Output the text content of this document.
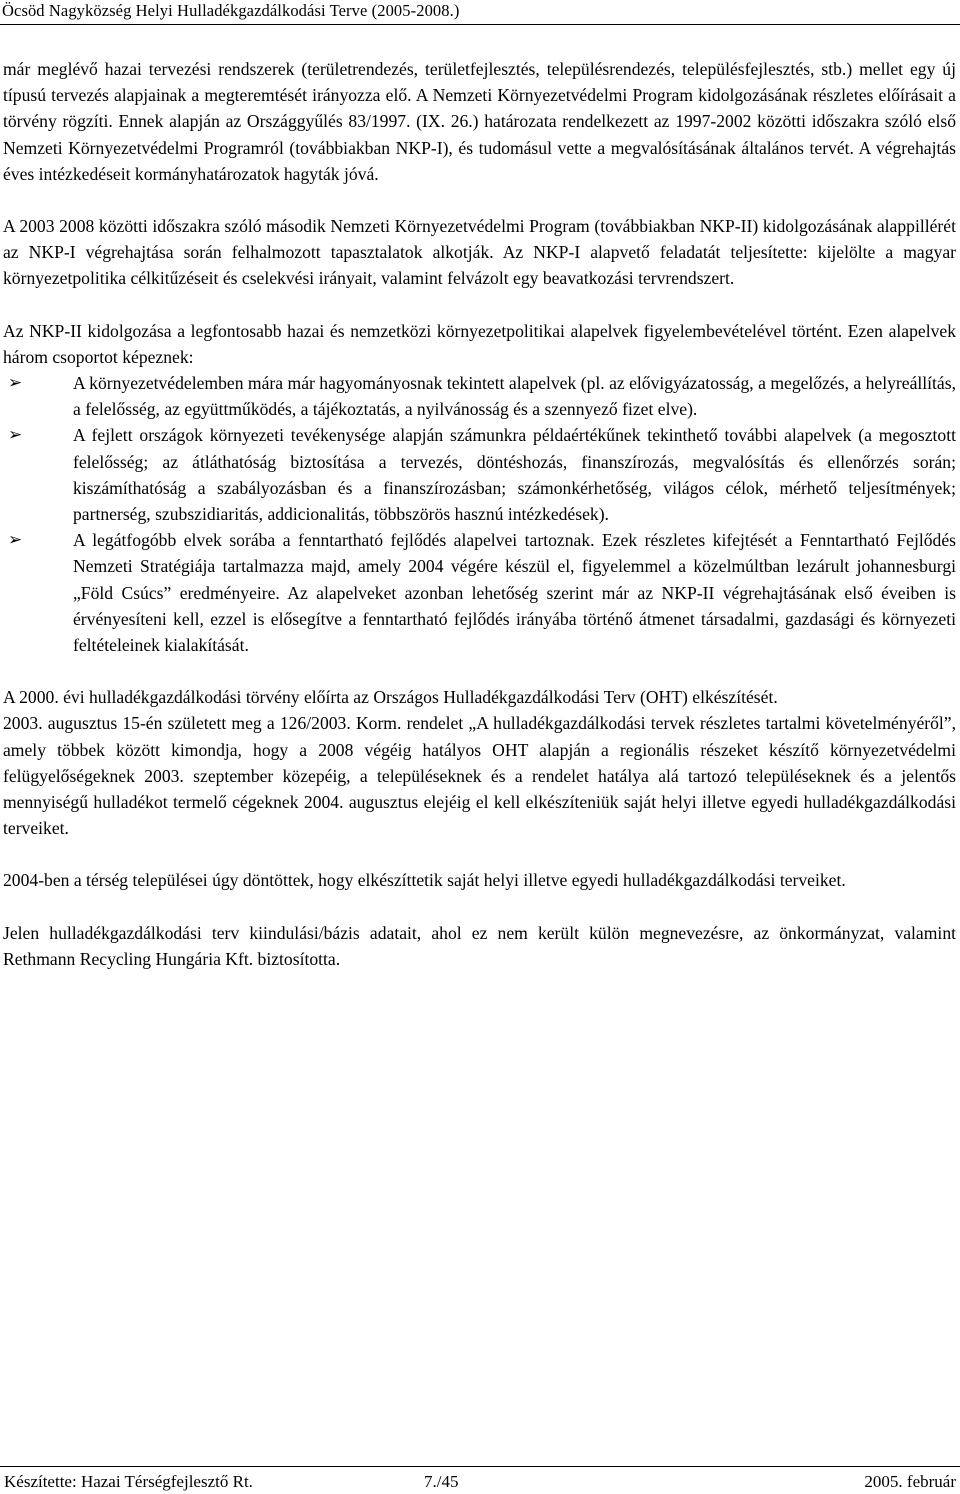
Öcsöd Nagyközség Helyi Hulladékgazdálkodási Terve (2005-2008.)

már meglévő hazai tervezési rendszerek (területrendezés, területfejlesztés, településrendezés, településfejlesztés, stb.) mellet egy új típusú tervezés alapjainak a megteremtését irányozza elő. A Nemzeti Környezetvédelmi Program kidolgozásának részletes előírásait a törvény rögzíti. Ennek alapján az Országgyűlés 83/1997. (IX. 26.) határozata rendelkezett az 1997-2002 közötti időszakra szóló első Nemzeti Környezetvédelmi Programról (továbbiakban NKP-I), és tudomásul vette a megvalósításának általános tervét. A végrehajtás éves intézkedéseit kormányhatározatok hagyták jóvá.

A 2003 2008 közötti időszakra szóló második Nemzeti Környezetvédelmi Program (továbbiakban NKP-II) kidolgozásának alappillérét az NKP-I végrehajtása során felhalmozott tapasztalatok alkotják. Az NKP-I alapvető feladatát teljesítette: kijelölte a magyar környezetpolitika célkitűzéseit és cselekvési irányait, valamint felvázolt egy beavatkozási tervrendszert.

Az NKP-II kidolgozása a legfontosabb hazai és nemzetközi környezetpolitikai alapelvek figyelembevételével történt. Ezen alapelvek három csoportot képeznek:

➢	A környezetvédelemben mára már hagyományosnak tekintett alapelvek (pl. az elővigyázatosság, a megelőzés, a helyreállítás, a felelősség, az együttműködés, a tájékoztatás, a nyilvánosság és a szennyező fizet elve).
➢	A fejlett országok környezeti tevékenysége alapján számunkra példaértékűnek tekinthető további alapelvek (a megosztott felelősség; az átláthatóság biztosítása a tervezés, döntéshozás, finanszírozás, megvalósítás és ellenőrzés során; kiszámíthatóság a szabályozásban és a finanszírozásban; számonkérhetőség, világos célok, mérhető teljesítmények; partnerség, szubszidiaritás, addicionalitás, többszörös hasznú intézkedések).
➢	A legátfogóbb elvek sorába a fenntartható fejlődés alapelvei tartoznak. Ezek részletes kifejtését a Fenntartható Fejlődés Nemzeti Stratégiája tartalmazza majd, amely 2004 végére készül el, figyelemmel a közelmúltban lezárult johannesburgi „Föld Csúcs” eredményeire. Az alapelveket azonban lehetőség szerint már az NKP-II végrehajtásának első éveiben is érvényesíteni kell, ezzel is elősegítve a fenntartható fejlődés irányába történő átmenet társadalmi, gazdasági és környezeti feltételeinek kialakítását.

A 2000. évi hulladékgazdálkodási törvény előírta az Országos Hulladékgazdálkodási Terv (OHT) elkészítését.

2003. augusztus 15-én született meg a 126/2003. Korm. rendelet „A hulladékgazdálkodási tervek részletes tartalmi követelményéről”, amely többek között kimondja, hogy a 2008 végéig hatályos OHT alapján a regionális részeket készítő környezetvédelmi felügyelőségeknek 2003. szeptember közepéig, a településeknek és a rendelet hatálya alá tartozó településeknek és a jelentős mennyiségű hulladékot termelő cégeknek 2004. augusztus elejéig el kell elkészíteniük saját helyi illetve egyedi hulladékgazdálkodási terveiket.

2004-ben a térség települései úgy döntöttek, hogy elkészíttetik saját helyi illetve egyedi hulladékgazdálkodási terveiket.

Jelen hulladékgazdálkodási terv kiindulási/bázis adatait, ahol ez nem került külön megnevezésre, az önkormányzat, valamint Rethmann Recycling Hungária Kft. biztosította.

Készítette: Hazai Térségfejlesztő Rt.	7./45	2005. február
